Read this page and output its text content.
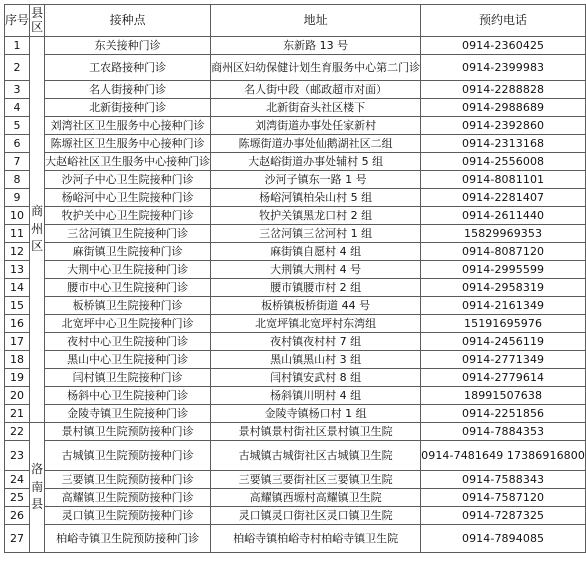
序号	县区	接种点	地址	预约电话
1	商州区	东关接种门诊	东新路 13 号	0914-2360425
2		工农路接种门诊	商州区妇幼保健计划生育服务中心第二门诊	0914-2399983
3		名人街接种门诊	名人街中段（邮政超市对面）	0914-2288828
4		北新街接种门诊	北新街奋头社区楼下	0914-2988689
5		刘湾社区卫生服务中心接种门诊	刘湾街道办事处任家新村	0914-2392860
6		陈塬社区卫生服务中心接种门诊	陈塬街道办事处仙鹅湖社区二组	0914-2313168
7		大赵峪社区卫生服务中心接种门诊	大赵峪街道办事处辅村 5 组	0914-2556008
8		沙河子中心卫生院接种门诊	沙河子镇东一路 1 号	0914-8081101
9		杨峪河中心卫生院接种门诊	杨峪河镇柏朵山村 5 组	0914-2281407
10		牧护关中心卫生院接种门诊	牧护关镇黑龙口村 2 组	0914-2611440
11		三岔河镇卫生院接种门诊	三岔河镇三岔河村 1 组	15829969353
12		麻街镇卫生院接种门诊	麻街镇自愿村 4 组	0914-8087120
13		大荆中心卫生院接种门诊	大荆镇大荆村 4 号	0914-2995599
14		腰市中心卫生院接种门诊	腰市镇腰市村 2 组	0914-2958319
15		板桥镇卫生院接种门诊	板桥镇板桥街道 44 号	0914-2161349
16		北宽坪中心卫生院接种门诊	北宽坪镇北宽坪村东湾组	15191695976
17		夜村中心卫生院接种门诊	夜村镇夜村村 7 组	0914-2456119
18		黑山中心卫生院接种门诊	黑山镇黑山村 3 组	0914-2771349
19		闫村镇卫生院接种门诊	闫村镇安武村 8 组	0914-2779614
20		杨斜中心卫生院接种门诊	杨斜镇川明村 4 组	18991507638
21		金陵寺镇卫生院接种门诊	金陵寺镇杨口村 1 组	0914-2251856
22	洛南县	景村镇卫生院预防接种门诊	景村镇景村街社区景村镇卫生院	0914-7884353
23		古城镇卫生院预防接种门诊	古城镇古城街社区古城镇卫生院	0914-7481649 17386916800
24		三要镇卫生院预防接种门诊	三要镇三要街社区三要镇卫生院	0914-7588343
25		高耀镇卫生院预防接种门诊	高耀镇西塬村高耀镇卫生院	0914-7587120
26		灵口镇卫生院预防接种门诊	灵口镇灵口街社区灵口镇卫生院	0914-7287325
27		柏峪寺镇卫生院预防接种门诊	柏峪寺镇柏峪寺村柏峪寺镇卫生院	0914-7894085
